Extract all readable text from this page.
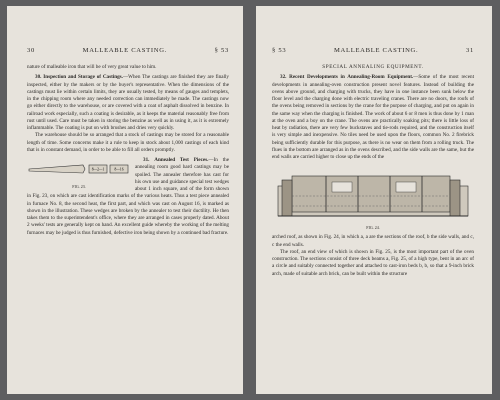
30	MALLEABLE CASTING.	§ 53

nature of malleable iron that will be of very great value to him.

30. Inspection and Storage of Castings.—When The castings are finished they are finally inspected, either by the makers or by the buyer's representative. When the dimensions of the castings must lie within certain limits, they are usually tested, by means of gauges and templets, in the chipping room where any needed correction can immediately be made. The castings now go either directly to the warehouse, or are covered with a coat of asphalt dissolved in benzine. In railroad work especially, such a coating is desirable, as it keeps the material reasonably free from rust until used. Care must be taken in storing the benzine as well as in using it, as it is extremely inflammable. The coating is put on with brushes and dries very quickly.

The warehouse should be so arranged that a stock of castings may be stored for a reasonable length of time. Some concerns make it a rule to keep in stock about 1,000 castings of each kind that is in constant demand, in order to be able to fill all orders promptly.

31. Annealed Test Pieces.—
8—2—1	8—16
FIG. 23.
In the annealing room good hard castings may be spoiled. The annealer therefore has cast for his own use and guidance special test wedges about 1 inch square, and of the form shown in Fig. 23, on which are cast identification marks of the various heats. Thus a test piece annealed in furnace No. 8, the second heat, the first part, and which was cast on August 16, is marked as shown in the illustration. These wedges are broken by the annealer to test their ductility. He then takes them to the superintendent's office, where they are arranged in cases properly dated. About 2 weeks' tests are generally kept on hand. An excellent guide whereby the working of the melting furnaces may be judged is thus furnished, defective iron being shown by a continued bad fracture.

§ 53	MALLEABLE CASTING.	31
SPECIAL ANNEALING EQUIPMENT.

32. Recent Developments in Annealing-Room Equipment.—Some of the most recent developments in annealing-oven construction present novel features. Instead of building the ovens above ground, and charging with trucks, they have in one instance been sunk below the floor level and the charging done with electric traveling cranes. There are no doors, the roofs of the ovens being removed in sections by the crane for the purpose of charging, and put on again in the same way when the charging is finished. The work of about 6 or 8 men is thus done by 1 man at the oven and a boy on the crane. The ovens are practically soaking pits; there is little loss of heat by radiation, there are very few buckstaves and tie-rods required, and the construction itself is very simple and inexpensive. No tiles need be used upon the floors, common No. 2 firebrick being sufficiently durable for this purpose, as there is no wear on them from a rolling truck. The flues in the bottom are arranged as in the ovens described, and the side walls are the same, but the end walls are carried higher to close up the ends of the

FIG. 24.

arched roof, as shown in Fig. 24, in which a, a are the sections of the roof, b the side walls, and c, c the end walls.

The roof, an end view of which is shown in Fig. 25, is the most important part of the oven construction. The sections consist of three deck beams a, Fig. 25, of a high type, bent in an arc of a circle and suitably connected together and attached to cast-iron beds b, b, so that a 9-inch brick arch, made of suitable arch brick, can be built within the structure
